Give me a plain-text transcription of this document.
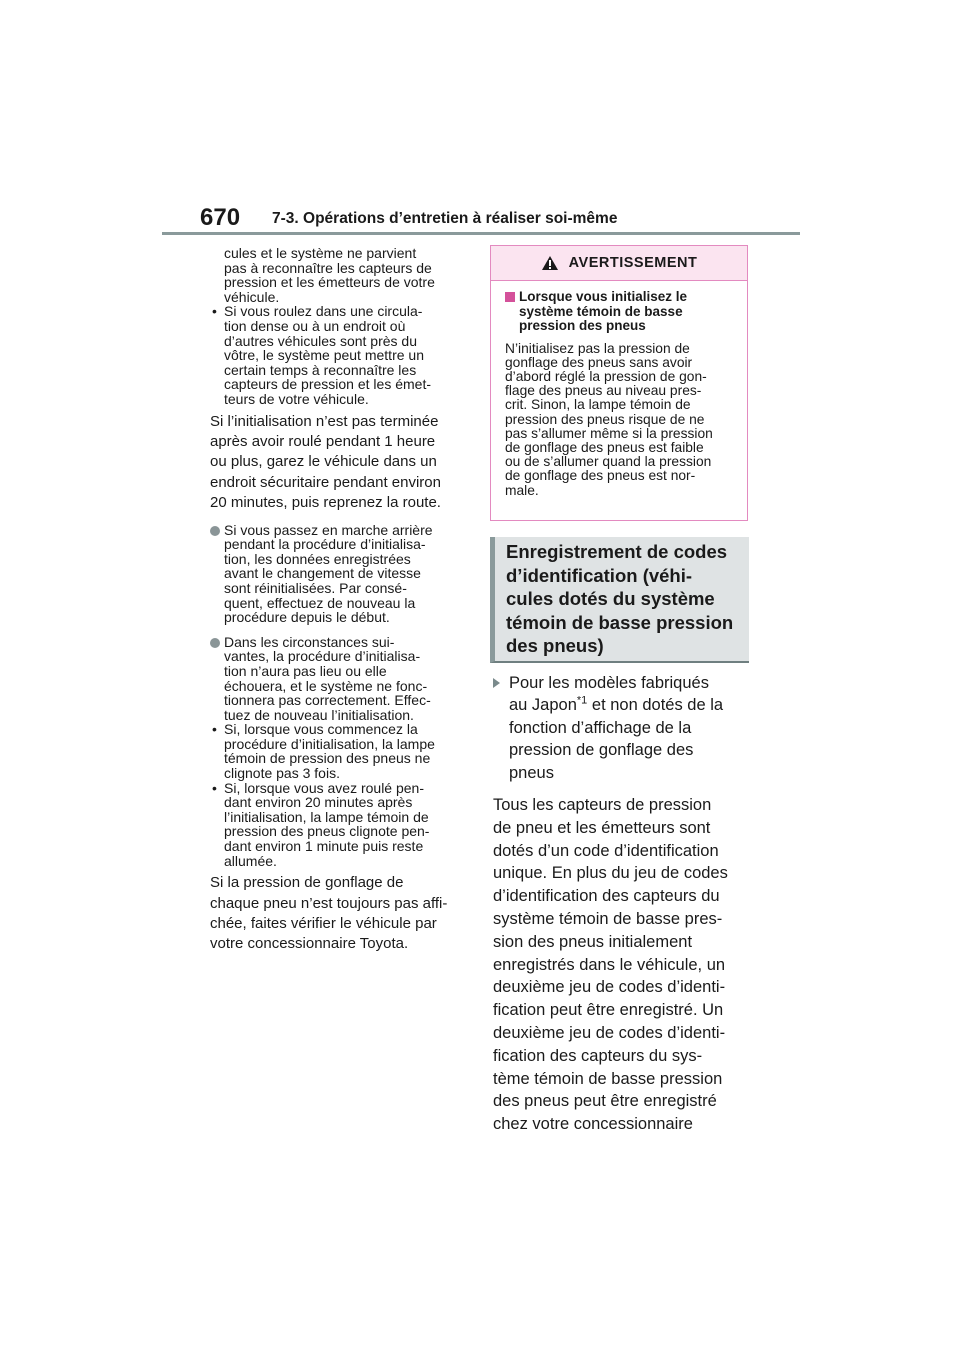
670 7-3. Opérations d’entretien à réaliser soi-même
cules et le système ne parvient
pas à reconnaître les capteurs de
pression et les émetteurs de votre
véhicule.
• Si vous roulez dans une circula-
tion dense ou à un endroit où
d’autres véhicules sont près du
vôtre, le système peut mettre un
certain temps à reconnaître les
capteurs de pression et les émet-
teurs de votre véhicule.
Si l’initialisation n’est pas terminée
après avoir roulé pendant 1 heure
ou plus, garez le véhicule dans un
endroit sécuritaire pendant environ
20 minutes, puis reprenez la route.
Si vous passez en marche arrière
pendant la procédure d’initialisa-
tion, les données enregistrées
avant le changement de vitesse
sont réinitialisées. Par consé-
quent, effectuez de nouveau la
procédure depuis le début.
Dans les circonstances sui-
vantes, la procédure d’initialisa-
tion n’aura pas lieu ou elle
échouera, et le système ne fonc-
tionnera pas correctement. Effec-
tuez de nouveau l’initialisation.
• Si, lorsque vous commencez la
procédure d’initialisation, la lampe
témoin de pression des pneus ne
clignote pas 3 fois.
• Si, lorsque vous avez roulé pen-
dant environ 20 minutes après
l’initialisation, la lampe témoin de
pression des pneus clignote pen-
dant environ 1 minute puis reste
allumée.
Si la pression de gonflage de
chaque pneu n’est toujours pas affi-
chée, faites vérifier le véhicule par
votre concessionnaire Toyota.
AVERTISSEMENT
Lorsque vous initialisez le
système témoin de basse
pression des pneus
N’initialisez pas la pression de
gonflage des pneus sans avoir
d’abord réglé la pression de gon-
flage des pneus au niveau pres-
crit. Sinon, la lampe témoin de
pression des pneus risque de ne
pas s’allumer même si la pression
de gonflage des pneus est faible
ou de s’allumer quand la pression
de gonflage des pneus est nor-
male.
Enregistrement de codes
d’identification (véhi-
cules dotés du système
témoin de basse pression
des pneus)
Pour les modèles fabriqués
au Japon$^{*1}$ et non dotés de la
fonction d’affichage de la
pression de gonflage des
pneus
Tous les capteurs de pression
de pneu et les émetteurs sont
dotés d’un code d’identification
unique. En plus du jeu de codes
d’identification des capteurs du
système témoin de basse pres-
sion des pneus initialement
enregistrés dans le véhicule, un
deuxième jeu de codes d’identi-
fication peut être enregistré. Un
deuxième jeu de codes d’identi-
fication des capteurs du sys-
tème témoin de basse pression
des pneus peut être enregistré
chez votre concessionnaire
